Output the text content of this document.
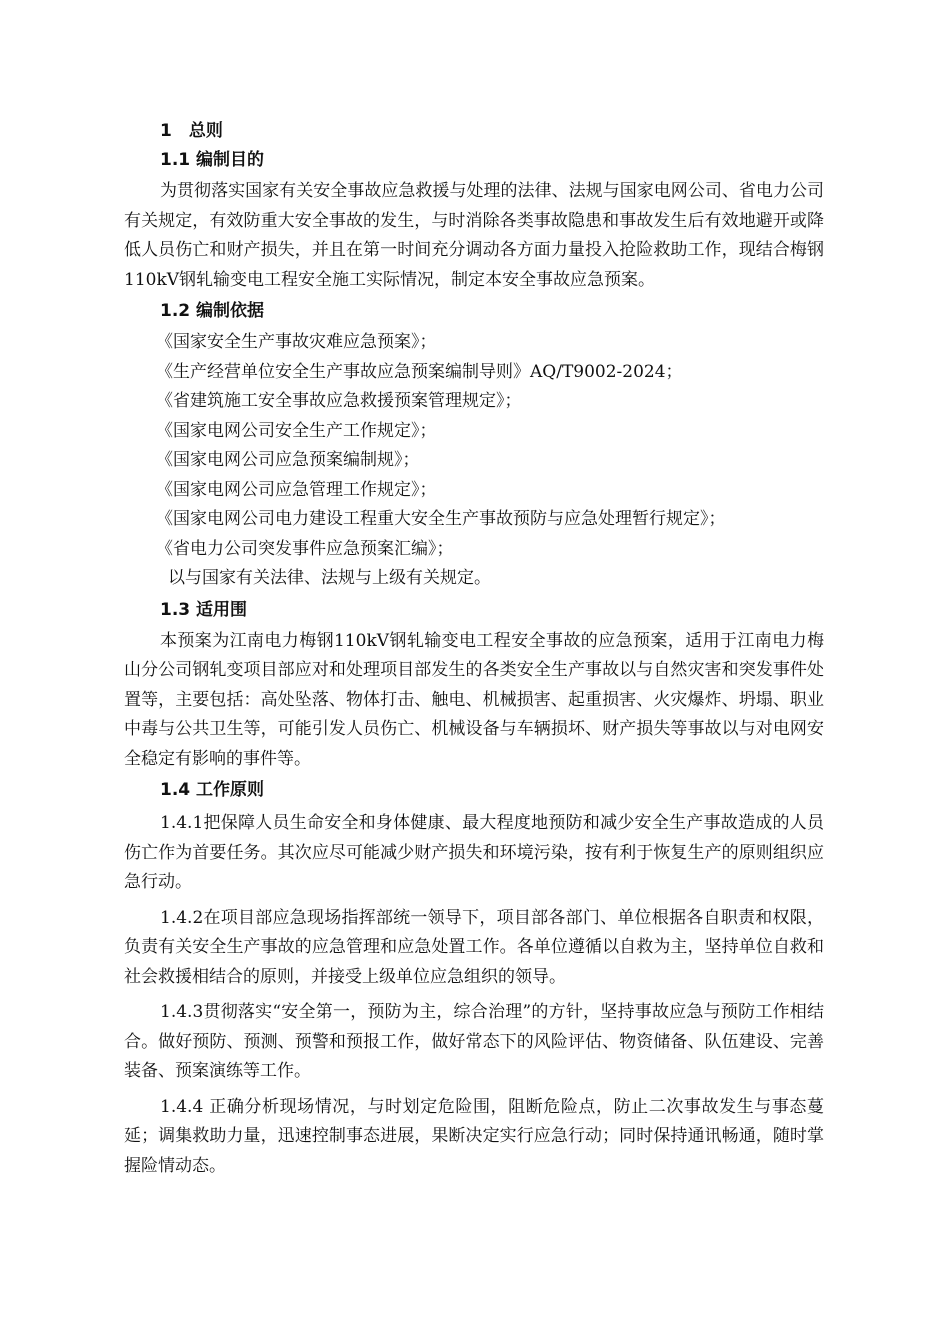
1　总则
1.1 编制目的

为贯彻落实国家有关安全事故应急救援与处理的法律、法规与国家电网公司、省电力公司有关规定，有效防重大安全事故的发生，与时消除各类事故隐患和事故发生后有效地避开或降低人员伤亡和财产损失，并且在第一时间充分调动各方面力量投入抢险救助工作，现结合梅钢110kV钢轧输变电工程安全施工实际情况，制定本安全事故应急预案。

1.2 编制依据

《国家安全生产事故灾难应急预案》；

《生产经营单位安全生产事故应急预案编制导则》AQ/T9002-2024；

《省建筑施工安全事故应急救援预案管理规定》；

《国家电网公司安全生产工作规定》；

《国家电网公司应急预案编制规》；

《国家电网公司应急管理工作规定》；

《国家电网公司电力建设工程重大安全生产事故预防与应急处理暂行规定》；

《省电力公司突发事件应急预案汇编》；

以与国家有关法律、法规与上级有关规定。

1.3 适用围

本预案为江南电力梅钢110kV钢轧输变电工程安全事故的应急预案，适用于江南电力梅山分公司钢轧变项目部应对和处理项目部发生的各类安全生产事故以与自然灾害和突发事件处置等，主要包括：高处坠落、物体打击、触电、机械损害、起重损害、火灾爆炸、坍塌、职业中毒与公共卫生等，可能引发人员伤亡、机械设备与车辆损坏、财产损失等事故以与对电网安全稳定有影响的事件等。

1.4 工作原则

1.4.1把保障人员生命安全和身体健康、最大程度地预防和减少安全生产事故造成的人员伤亡作为首要任务。其次应尽可能减少财产损失和环境污染，按有利于恢复生产的原则组织应急行动。

1.4.2在项目部应急现场指挥部统一领导下，项目部各部门、单位根据各自职责和权限，负责有关安全生产事故的应急管理和应急处置工作。各单位遵循以自救为主，坚持单位自救和社会救援相结合的原则，并接受上级单位应急组织的领导。

1.4.3贯彻落实“安全第一，预防为主，综合治理”的方针，坚持事故应急与预防工作相结合。做好预防、预测、预警和预报工作，做好常态下的风险评估、物资储备、队伍建设、完善装备、预案演练等工作。

1.4.4 正确分析现场情况，与时划定危险围，阻断危险点，防止二次事故发生与事态蔓延；调集救助力量，迅速控制事态进展，果断决定实行应急行动；同时保持通讯畅通，随时掌握险情动态。
